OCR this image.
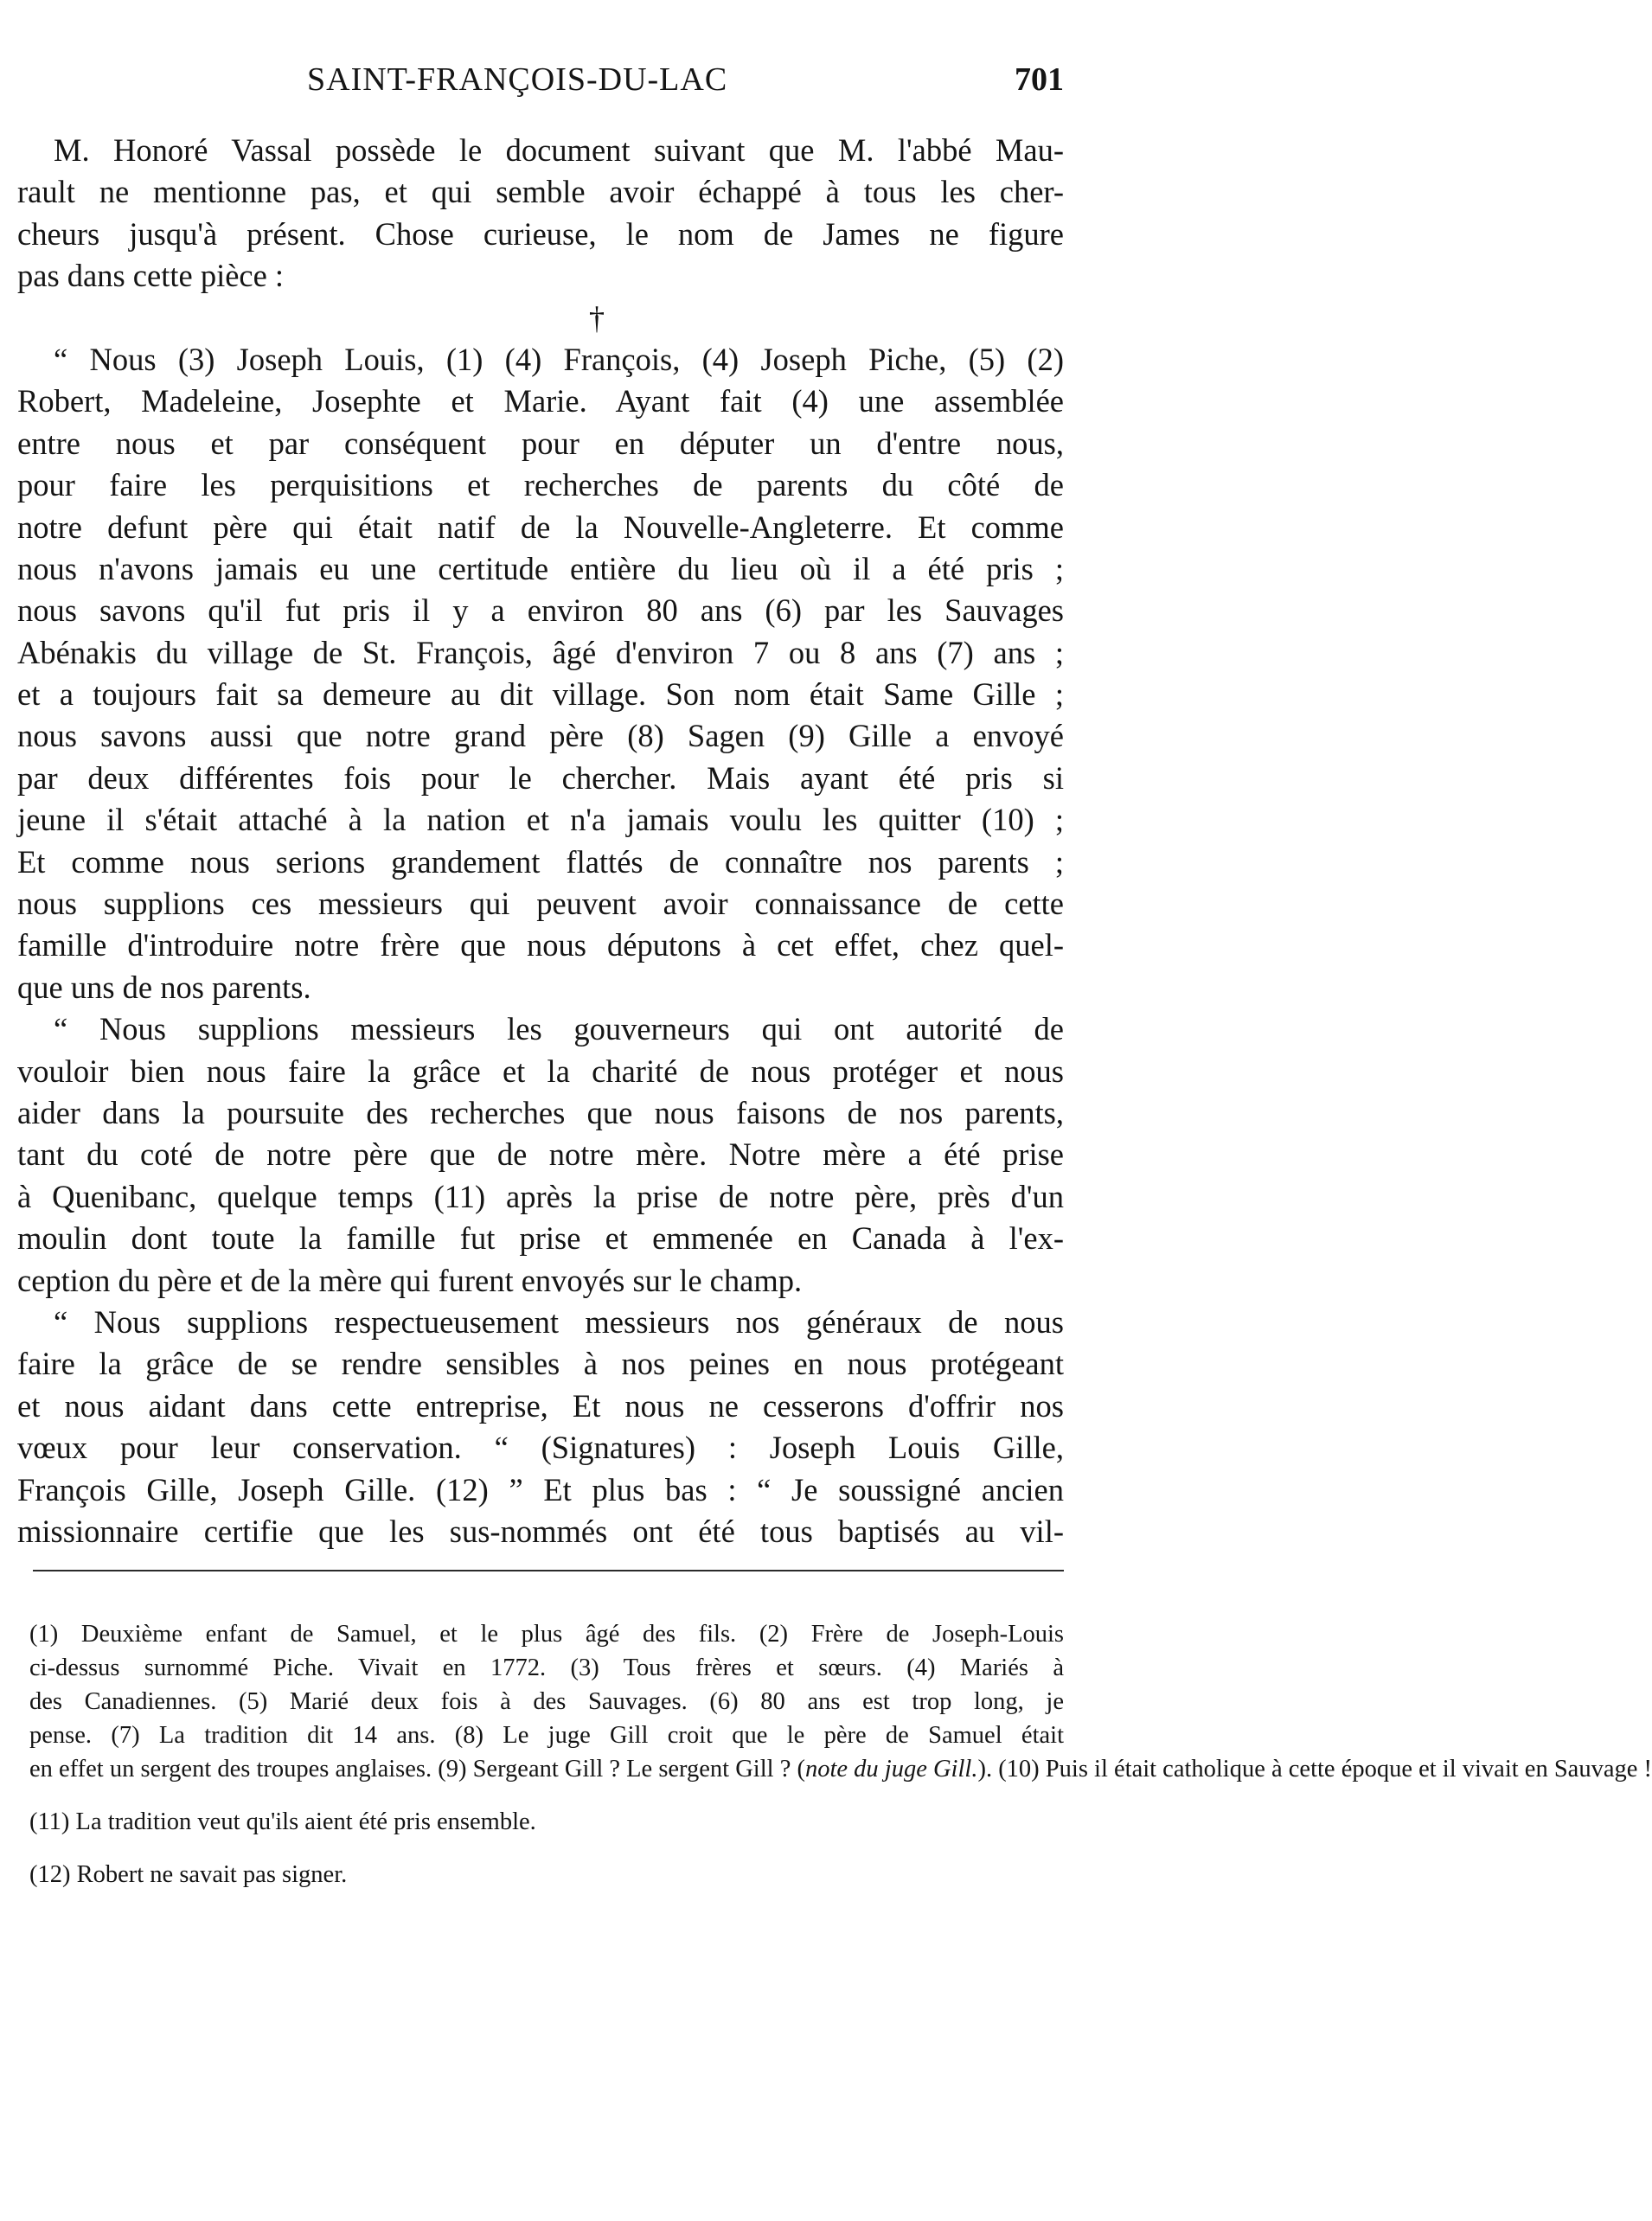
SAINT-FRANÇOIS-DU-LAC	701
M. Honoré Vassal possède le document suivant que M. l'abbé Mau-
rault ne mentionne pas, et qui semble avoir échappé à tous les cher-
cheurs jusqu'à présent. Chose curieuse, le nom de James ne figure
pas dans cette pièce :
†
“ Nous (3) Joseph Louis, (1) (4) François, (4) Joseph Piche, (5) (2)
Robert, Madeleine, Josephte et Marie. Ayant fait (4) une assemblée
entre nous et par conséquent pour en députer un d'entre nous,
pour faire les perquisitions et recherches de parents du côté de
notre defunt père qui était natif de la Nouvelle-Angleterre. Et comme
nous n'avons jamais eu une certitude entière du lieu où il a été pris ;
nous savons qu'il fut pris il y a environ 80 ans (6) par les Sauvages
Abénakis du village de St. François, âgé d'environ 7 ou 8 ans (7) ans ;
et a toujours fait sa demeure au dit village. Son nom était Same Gille ;
nous savons aussi que notre grand père (8) Sagen (9) Gille a envoyé
par deux différentes fois pour le chercher. Mais ayant été pris si
jeune il s'était attaché à la nation et n'a jamais voulu les quitter (10) ;
Et comme nous serions grandement flattés de connaître nos parents ;
nous supplions ces messieurs qui peuvent avoir connaissance de cette
famille d'introduire notre frère que nous députons à cet effet, chez quel-
que uns de nos parents.
“ Nous supplions messieurs les gouverneurs qui ont autorité de
vouloir bien nous faire la grâce et la charité de nous protéger et nous
aider dans la poursuite des recherches que nous faisons de nos parents,
tant du coté de notre père que de notre mère. Notre mère a été prise
à Quenibanc, quelque temps (11) après la prise de notre père, près d'un
moulin dont toute la famille fut prise et emmenée en Canada à l'ex-
ception du père et de la mère qui furent envoyés sur le champ.
“ Nous supplions respectueusement messieurs nos généraux de nous
faire la grâce de se rendre sensibles à nos peines en nous protégeant
et nous aidant dans cette entreprise, Et nous ne cesserons d'offrir nos
vœux pour leur conservation. “ (Signatures) : Joseph Louis Gille,
François Gille, Joseph Gille. (12) ” Et plus bas : “ Je soussigné ancien
missionnaire certifie que les sus-nommés ont été tous baptisés au vil-
(1) Deuxième enfant de Samuel, et le plus âgé des fils. (2) Frère de Joseph-Louis
ci-dessus surnommé Piche. Vivait en 1772. (3) Tous frères et sœurs. (4) Mariés à
des Canadiennes. (5) Marié deux fois à des Sauvages. (6) 80 ans est trop long, je
pense. (7) La tradition dit 14 ans. (8) Le juge Gill croit que le père de Samuel était
en effet un sergent des troupes anglaises. (9) Sergeant Gill ? Le sergent Gill ? (note du juge Gill.). (10) Puis il était catholique à cette époque et il vivait en Sauvage !
(11) La tradition veut qu'ils aient été pris ensemble.
(12) Robert ne savait pas signer.
